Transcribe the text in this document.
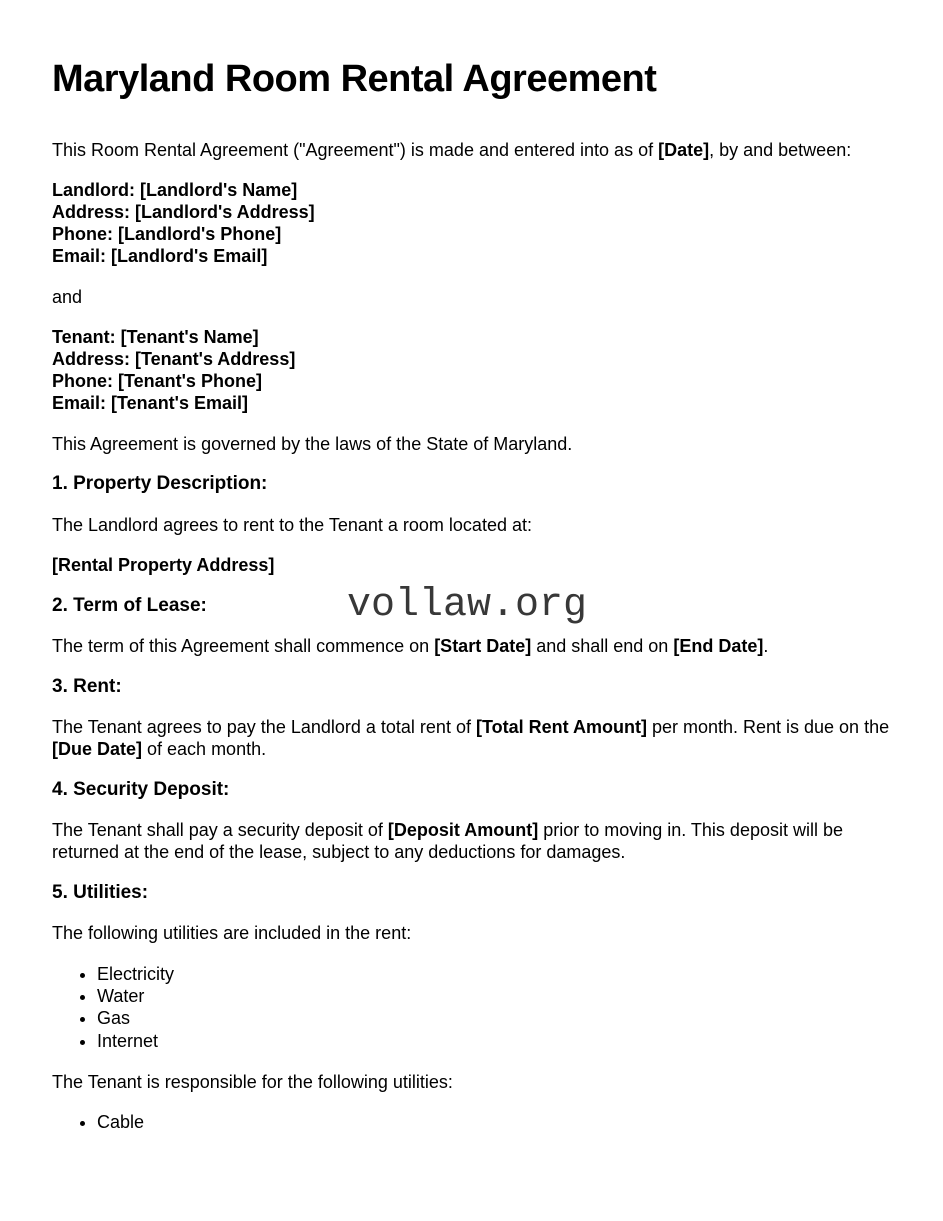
Maryland Room Rental Agreement

This Room Rental Agreement ("Agreement") is made and entered into as of [Date], by and between:

Landlord: [Landlord's Name]
Address: [Landlord's Address]
Phone: [Landlord's Phone]
Email: [Landlord's Email]

and

Tenant: [Tenant's Name]
Address: [Tenant's Address]
Phone: [Tenant's Phone]
Email: [Tenant's Email]

This Agreement is governed by the laws of the State of Maryland.

1. Property Description:

The Landlord agrees to rent to the Tenant a room located at:

[Rental Property Address]

2. Term of Lease:

The term of this Agreement shall commence on [Start Date] and shall end on [End Date].

3. Rent:

The Tenant agrees to pay the Landlord a total rent of [Total Rent Amount] per month. Rent is due on the [Due Date] of each month.

4. Security Deposit:

The Tenant shall pay a security deposit of [Deposit Amount] prior to moving in. This deposit will be returned at the end of the lease, subject to any deductions for damages.

5. Utilities:

The following utilities are included in the rent:

• Electricity
• Water
• Gas
• Internet

The Tenant is responsible for the following utilities:

• Cable
vollaw.org
